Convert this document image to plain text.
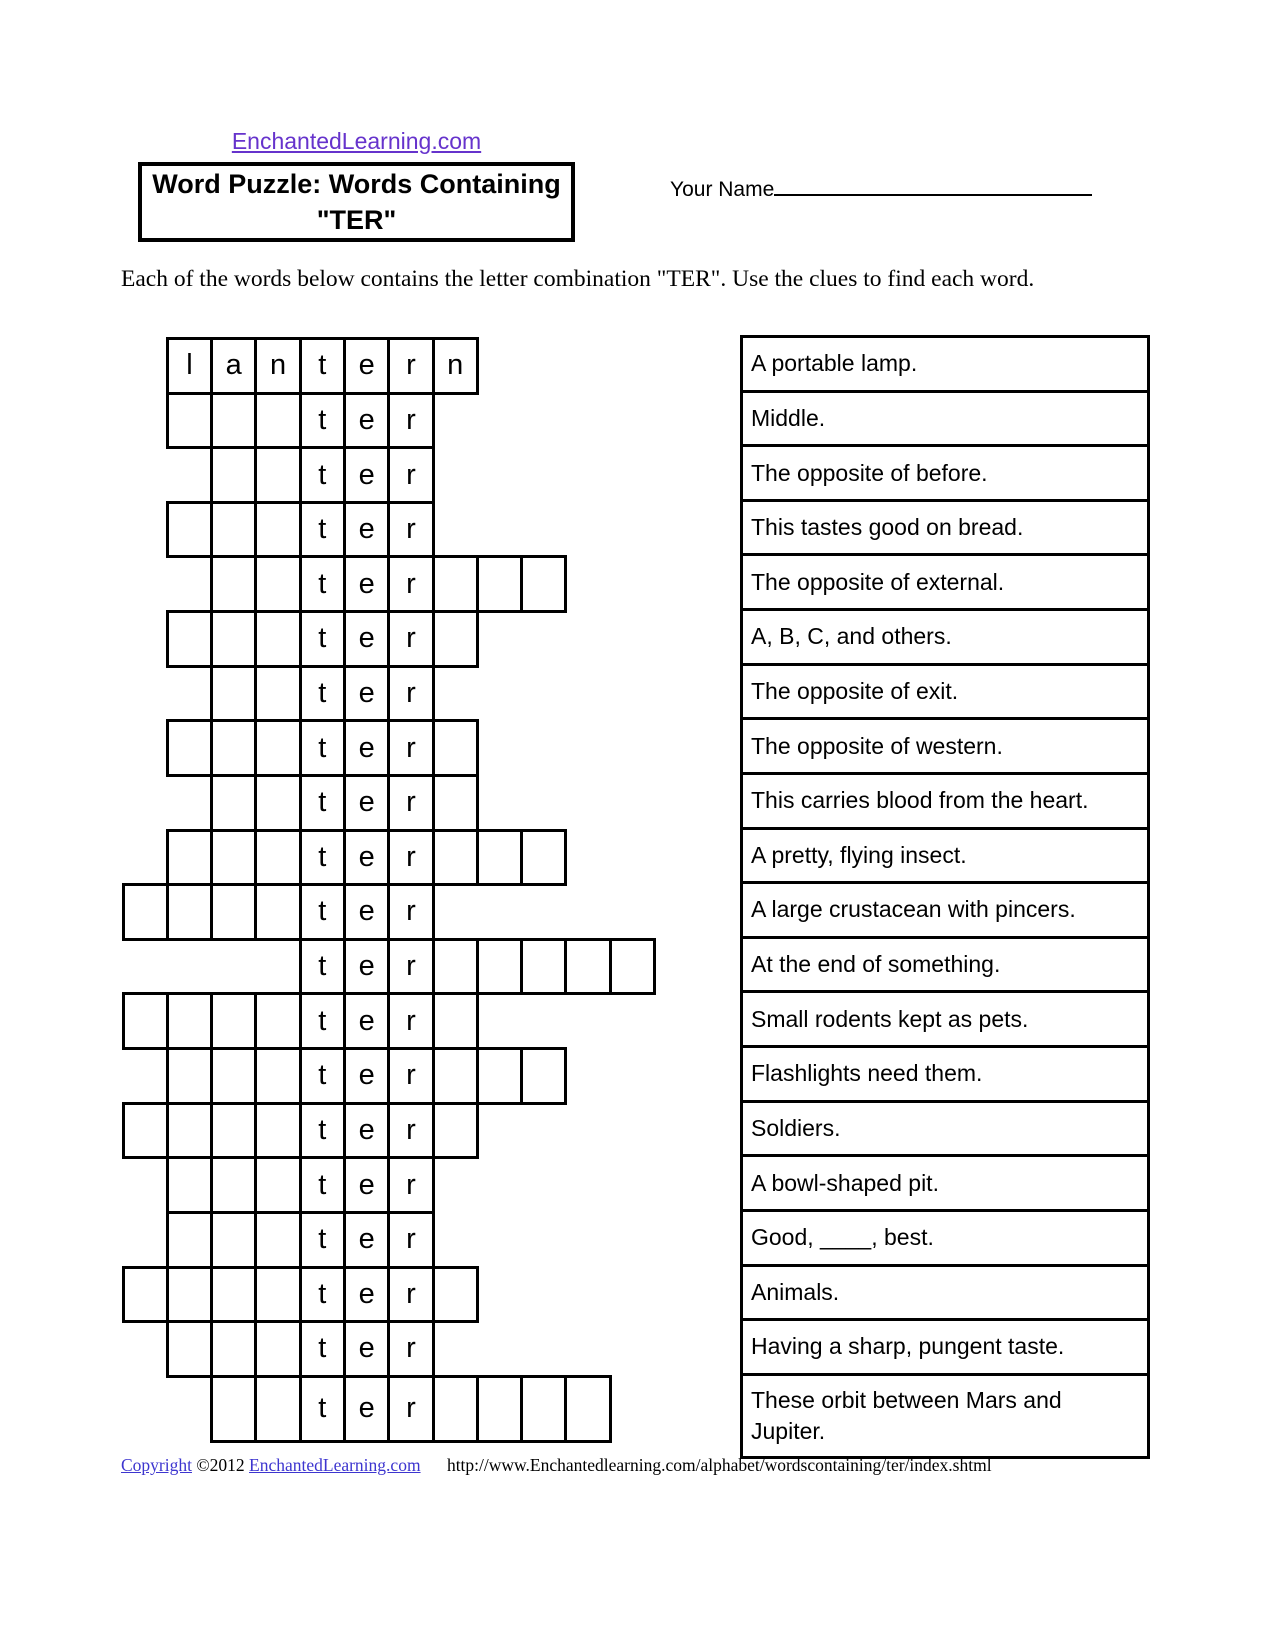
EnchantedLearning.com
Word Puzzle: Words Containing
"TER"
Your Name
Each of the words below contains the letter combination "TER". Use the clues to find each word.
l	a n	t	e	r	n
t	e	r
t	e	r
t	e	r
t	e	r
t	e	r
t	e	r
t	e	r
t	e	r
t	e	r
t	e	r
t	e	r
t	e	r
t	e	r
t	e	r
t	e	r
t	e	r
t	e	r
t	e	r
t	e	r
A portable lamp.
Middle.
The opposite of before.
This tastes good on bread.
The opposite of external.
A, B, C, and others.
The opposite of exit.
The opposite of western.
This carries blood from the heart.
A pretty, flying insect.
A large crustacean with pincers.
At the end of something.
Small rodents kept as pets.
Flashlights need them.
Soldiers.
A bowl-shaped pit.
Good, ____, best.
Animals.
Having a sharp, pungent taste.
These orbit between Mars and Jupiter.
Copyright ©2012 EnchantedLearning.com http://www.Enchantedlearning.com/alphabet/wordscontaining/ter/index.shtml
